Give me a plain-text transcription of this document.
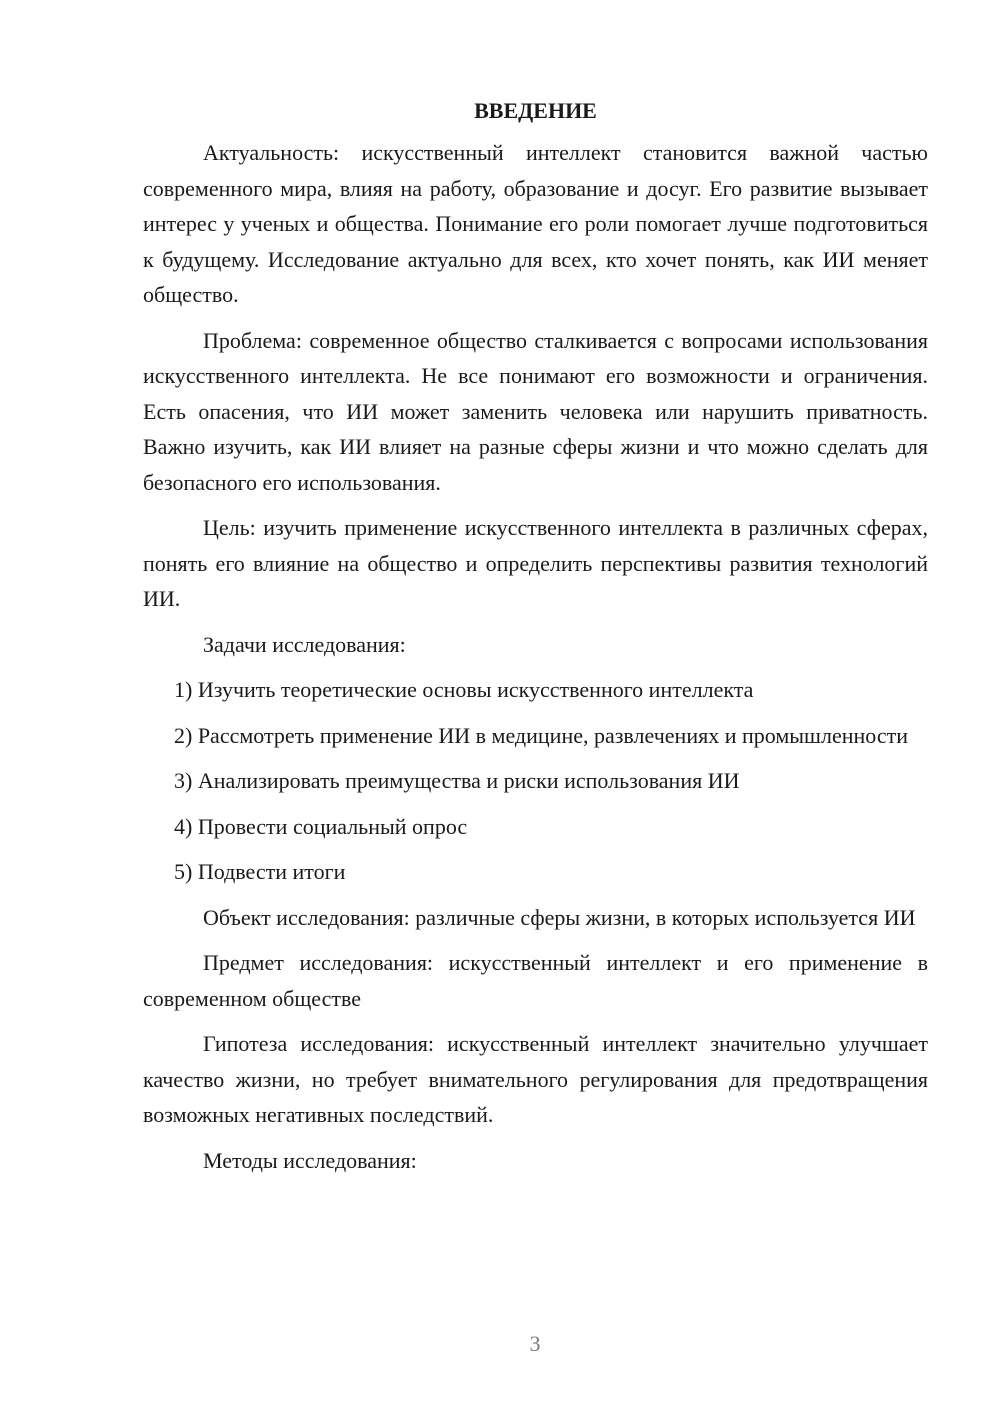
ВВЕДЕНИЕ

Актуальность: искусственный интеллект становится важной частью современного мира, влияя на работу, образование и досуг. Его развитие вызывает интерес у ученых и общества. Понимание его роли помогает лучше подготовиться к будущему. Исследование актуально для всех, кто хочет понять, как ИИ меняет общество.

Проблема: современное общество сталкивается с вопросами использования искусственного интеллекта. Не все понимают его возможности и ограничения. Есть опасения, что ИИ может заменить человека или нарушить приватность. Важно изучить, как ИИ влияет на разные сферы жизни и что можно сделать для безопасного его использования.

Цель: изучить применение искусственного интеллекта в различных сферах, понять его влияние на общество и определить перспективы развития технологий ИИ.

Задачи исследования:

1) Изучить теоретические основы искусственного интеллекта

2) Рассмотреть применение ИИ в медицине, развлечениях и промышленности

3) Анализировать преимущества и риски использования ИИ

4) Провести социальный опрос

5) Подвести итоги

Объект исследования: различные сферы жизни, в которых используется ИИ

Предмет исследования: искусственный интеллект и его применение в современном обществе

Гипотеза исследования: искусственный интеллект значительно улучшает качество жизни, но требует внимательного регулирования для предотвращения возможных негативных последствий.

Методы исследования:

3
